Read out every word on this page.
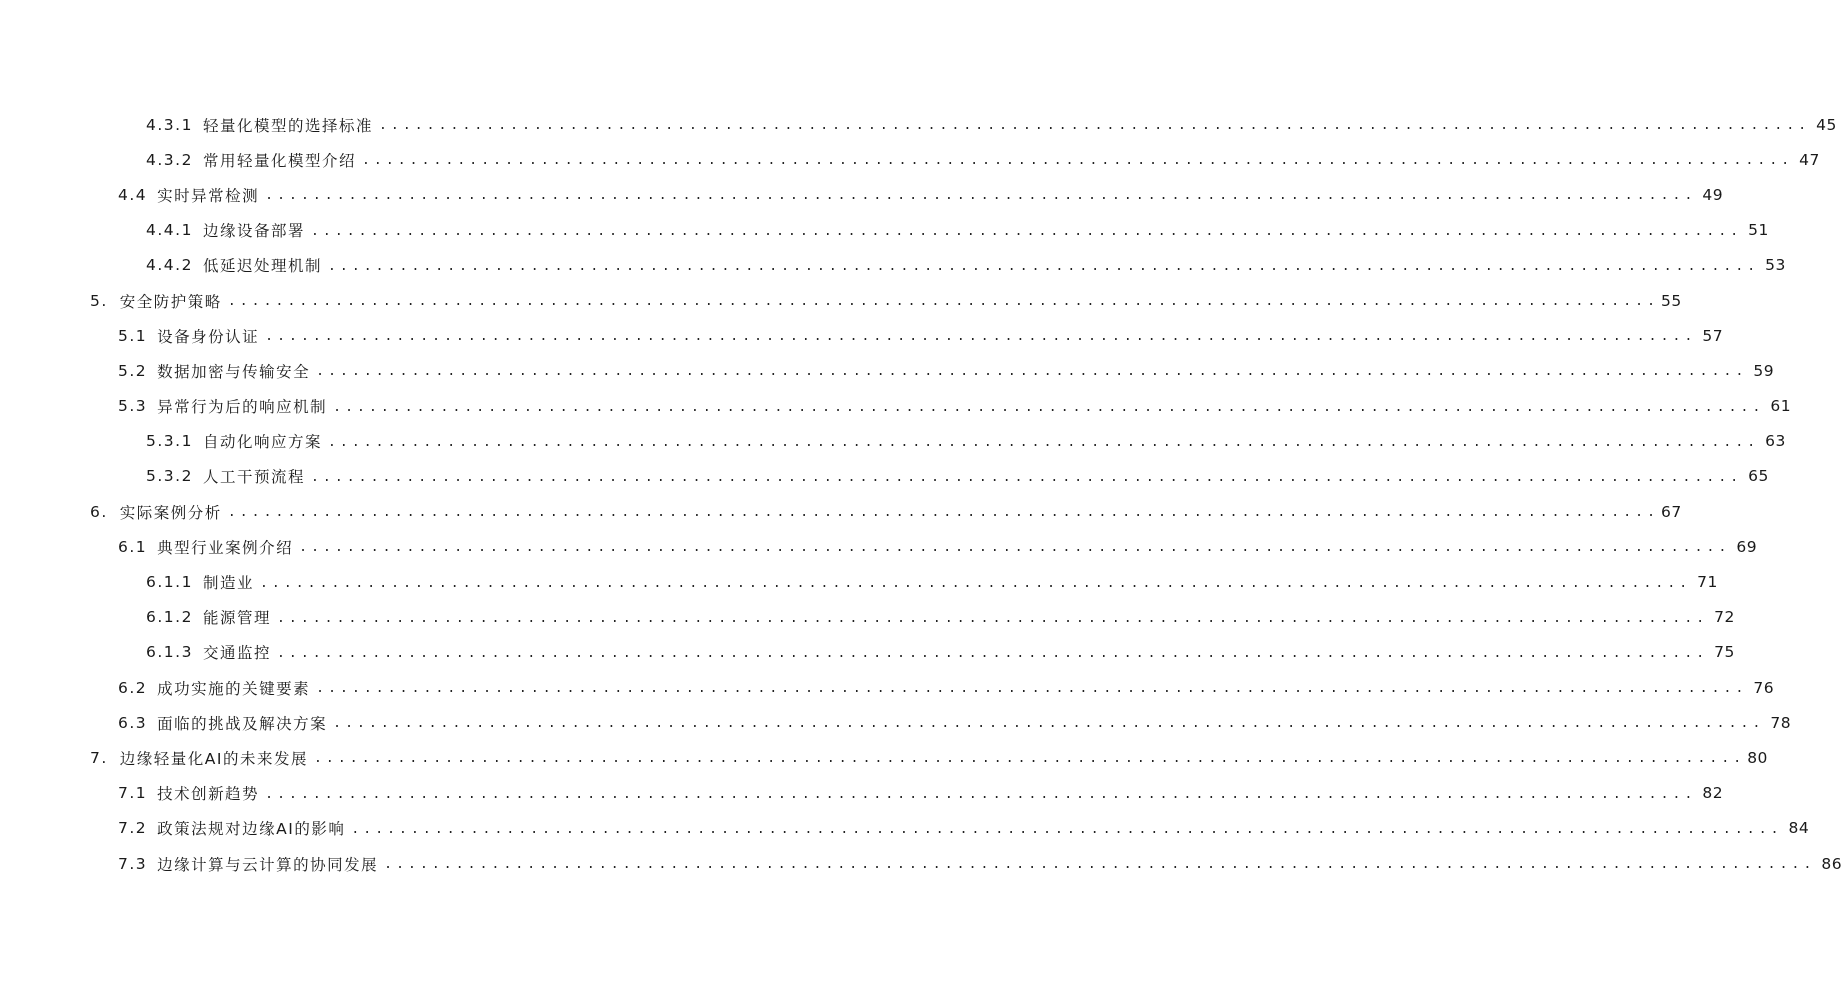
4.3.1 轻量化模型的选择标准 ........................................................................................................................ 45
4.3.2 常用轻量化模型介绍 ........................................................................................................................ 47
4.4 实时异常检测 ........................................................................................................................ 49
4.4.1 边缘设备部署 ........................................................................................................................ 51
4.4.2 低延迟处理机制 ........................................................................................................................ 53
5. 安全防护策略 ........................................................................................................................ 55
5.1 设备身份认证 ........................................................................................................................ 57
5.2 数据加密与传输安全 ........................................................................................................................ 59
5.3 异常行为后的响应机制 ........................................................................................................................ 61
5.3.1 自动化响应方案 ........................................................................................................................ 63
5.3.2 人工干预流程 ........................................................................................................................ 65
6. 实际案例分析 ........................................................................................................................ 67
6.1 典型行业案例介绍 ........................................................................................................................ 69
6.1.1 制造业 ........................................................................................................................ 71
6.1.2 能源管理 ........................................................................................................................ 72
6.1.3 交通监控 ........................................................................................................................ 75
6.2 成功实施的关键要素 ........................................................................................................................ 76
6.3 面临的挑战及解决方案 ........................................................................................................................ 78
7. 边缘轻量化AI的未来发展 ........................................................................................................................ 80
7.1 技术创新趋势 ........................................................................................................................ 82
7.2 政策法规对边缘AI的影响 ........................................................................................................................ 84
7.3 边缘计算与云计算的协同发展 ........................................................................................................................ 86
